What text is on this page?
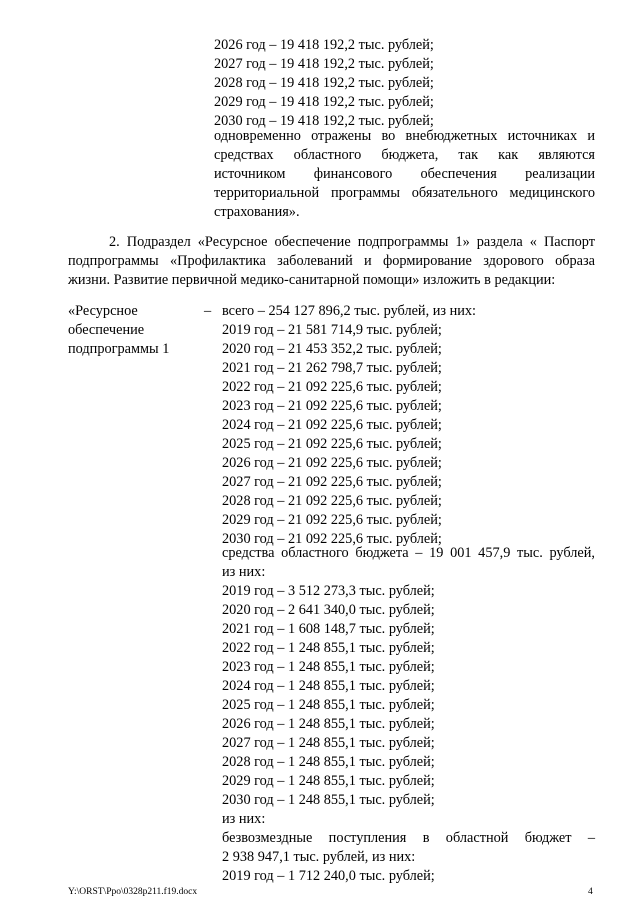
2026 год – 19 418 192,2 тыс. рублей;
2027 год – 19 418 192,2 тыс. рублей;
2028 год – 19 418 192,2 тыс. рублей;
2029 год – 19 418 192,2 тыс. рублей;
2030 год – 19 418 192,2 тыс. рублей;
одновременно отражены во внебюджетных источниках и
средствах областного бюджета, так как являются
источником финансового обеспечения реализации
территориальной программы обязательного медицинского
страхования».
2. Подраздел «Ресурсное обеспечение подпрограммы 1» раздела « Паспорт
подпрограммы «Профилактика заболеваний и формирование здорового образа
жизни. Развитие первичной медико-санитарной помощи» изложить в редакции:
«Ресурсное
обеспечение
подпрограммы 1
– всего – 254 127 896,2 тыс. рублей, из них:
2019 год – 21 581 714,9 тыс. рублей;
2020 год – 21 453 352,2 тыс. рублей;
2021 год – 21 262 798,7 тыс. рублей;
2022 год – 21 092 225,6 тыс. рублей;
2023 год – 21 092 225,6 тыс. рублей;
2024 год – 21 092 225,6 тыс. рублей;
2025 год – 21 092 225,6 тыс. рублей;
2026 год – 21 092 225,6 тыс. рублей;
2027 год – 21 092 225,6 тыс. рублей;
2028 год – 21 092 225,6 тыс. рублей;
2029 год – 21 092 225,6 тыс. рублей;
2030 год – 21 092 225,6 тыс. рублей;
средства областного бюджета – 19 001 457,9 тыс. рублей,
из них:
2019 год – 3 512 273,3 тыс. рублей;
2020 год – 2 641 340,0 тыс. рублей;
2021 год – 1 608 148,7 тыс. рублей;
2022 год – 1 248 855,1 тыс. рублей;
2023 год – 1 248 855,1 тыс. рублей;
2024 год – 1 248 855,1 тыс. рублей;
2025 год – 1 248 855,1 тыс. рублей;
2026 год – 1 248 855,1 тыс. рублей;
2027 год – 1 248 855,1 тыс. рублей;
2028 год – 1 248 855,1 тыс. рублей;
2029 год – 1 248 855,1 тыс. рублей;
2030 год – 1 248 855,1 тыс. рублей;
из них:
безвозмездные поступления в областной бюджет –
2 938 947,1 тыс. рублей, из них:
2019 год – 1 712 240,0 тыс. рублей;
Y:\ORST\Ppo\0328p211.f19.docx	4
